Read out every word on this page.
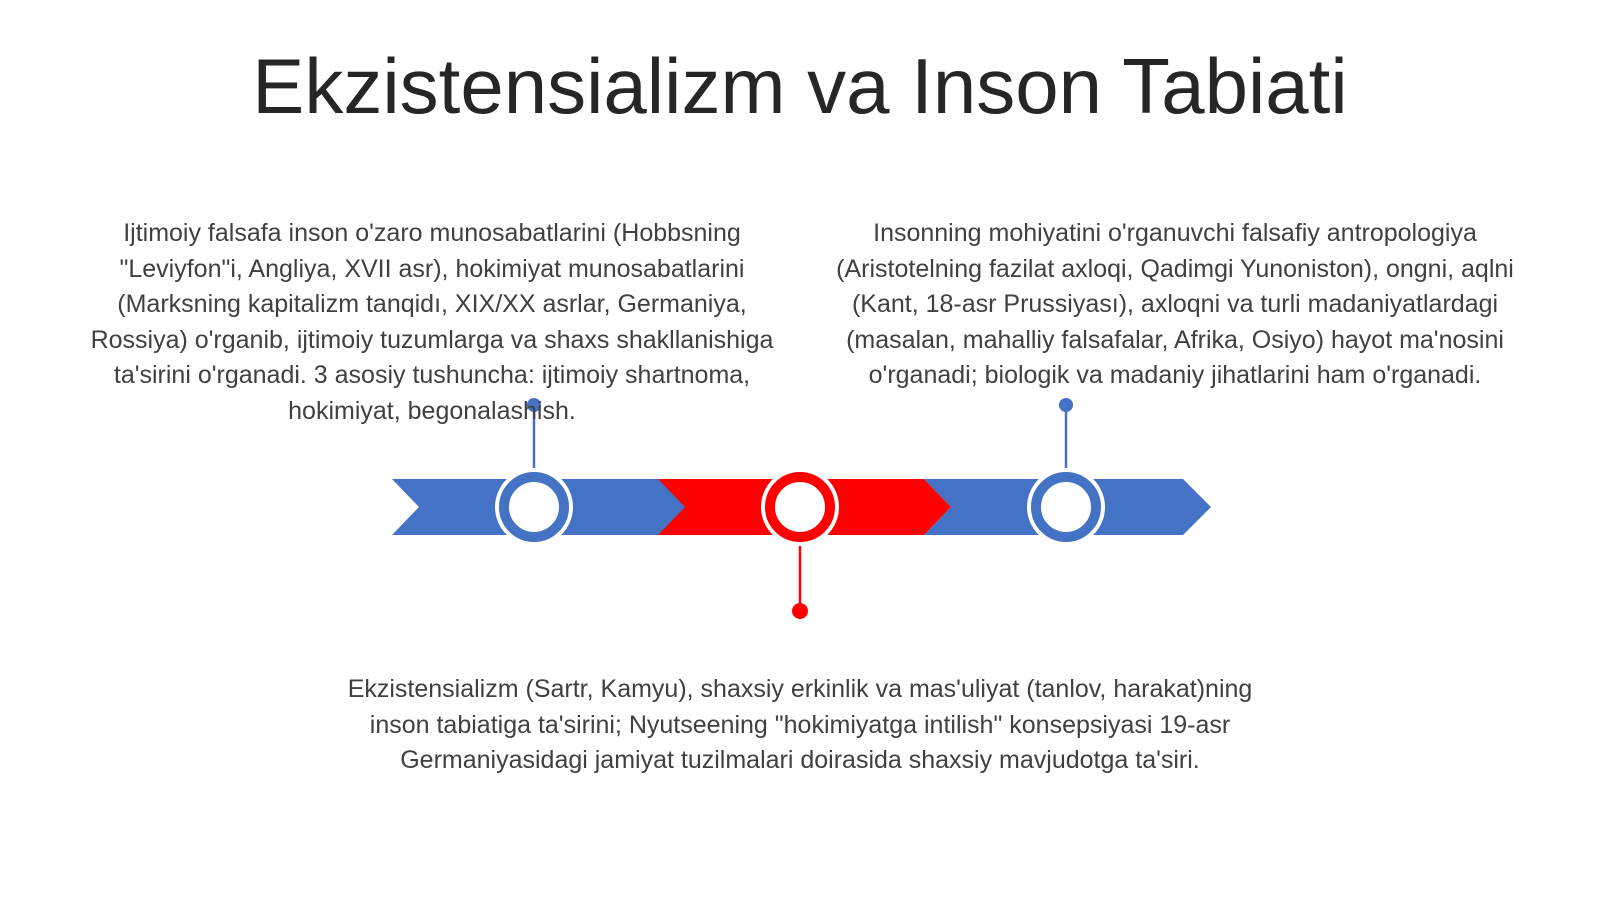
Ekzistensializm va Inson Tabiati
Ijtimoiy falsafa inson o'zaro munosabatlarini (Hobbsning "Leviyfon"i, Angliya, XVII asr), hokimiyat munosabatlarini (Marksning kapitalizm tanqidı, XIX/XX asrlar, Germaniya, Rossiya) o'rganib, ijtimoiy tuzumlarga va shaxs shakllanishiga ta'sirini o'rganadi. 3 asosiy tushuncha: ijtimoiy shartnoma, hokimiyat, begonalashish.
Insonning mohiyatini o'rganuvchi falsafiy antropologiya (Aristotelning fazilat axloqi, Qadimgi Yunoniston), ongni, aqlni (Kant, 18-asr Prussiyası), axloqni va turli madaniyatlardagi (masalan, mahalliy falsafalar, Afrika, Osiyo) hayot ma'nosini o'rganadi; biologik va madaniy jihatlarini ham o'rganadi.
Ekzistensializm (Sartr, Kamyu), shaxsiy erkinlik va mas'uliyat (tanlov, harakat)ning inson tabiatiga ta'sirini; Nyutseening "hokimiyatga intilish" konsepsiyasi 19-asr Germaniyasidagi jamiyat tuzilmalari doirasida shaxsiy mavjudotga ta'siri.
